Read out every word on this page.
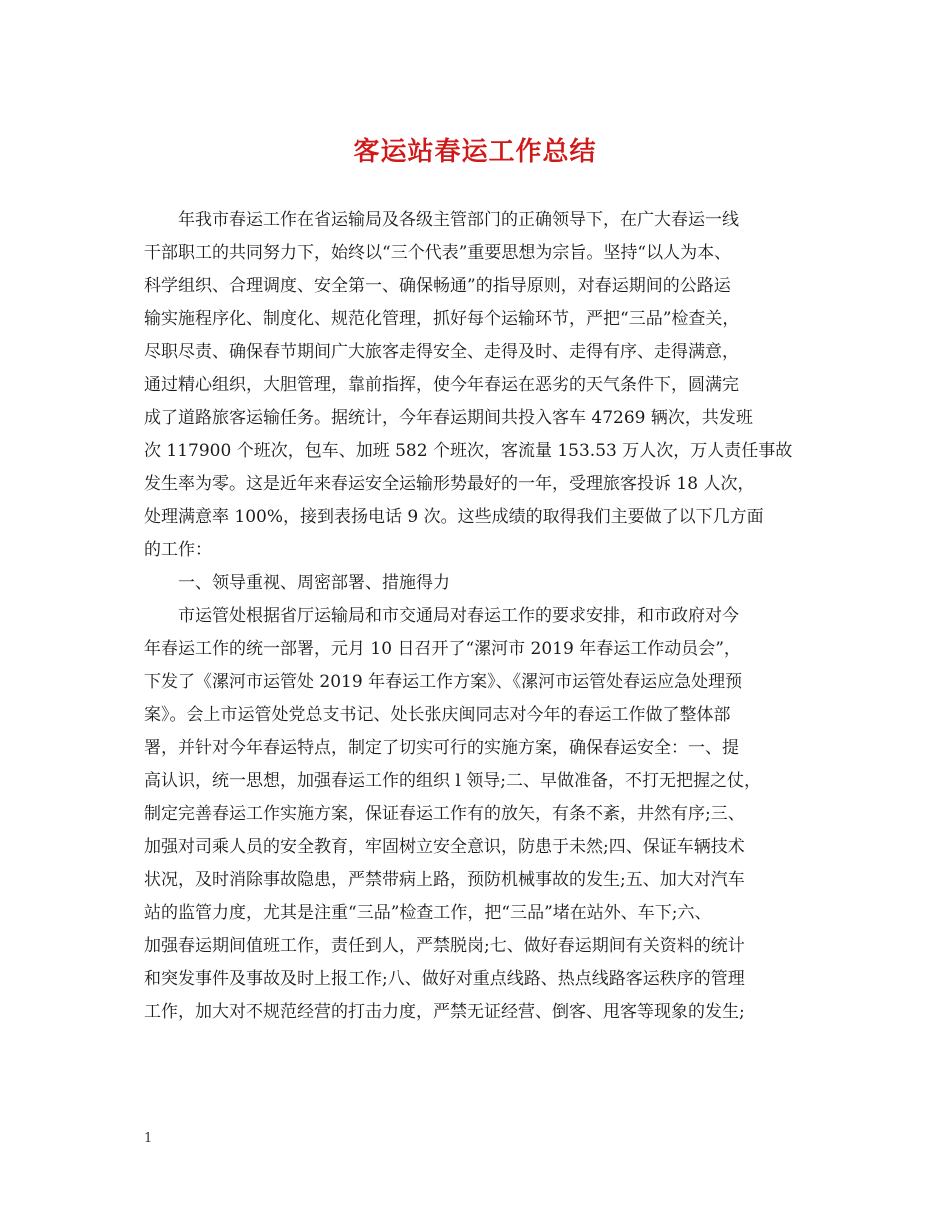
客运站春运工作总结
年我市春运工作在省运输局及各级主管部门的正确领导下，在广大春运一线
干部职工的共同努力下，始终以“三个代表”重要思想为宗旨。坚持“以人为本、
科学组织、合理调度、安全第一、确保畅通”的指导原则，对春运期间的公路运
输实施程序化、制度化、规范化管理，抓好每个运输环节，严把“三品”检查关，
尽职尽责、确保春节期间广大旅客走得安全、走得及时、走得有序、走得满意，
通过精心组织，大胆管理，靠前指挥，使今年春运在恶劣的天气条件下，圆满完
成了道路旅客运输任务。据统计，今年春运期间共投入客车 47269 辆次，共发班
次 117900 个班次，包车、加班 582 个班次，客流量 153.53 万人次，万人责任事故
发生率为零。这是近年来春运安全运输形势最好的一年，受理旅客投诉 18 人次，
处理满意率 100%，接到表扬电话 9 次。这些成绩的取得我们主要做了以下几方面
的工作：
一、领导重视、周密部署、措施得力
市运管处根据省厅运输局和市交通局对春运工作的要求安排，和市政府对今
年春运工作的统一部署，元月 10 日召开了“漯河市 2019 年春运工作动员会”，
下发了《漯河市运管处 2019 年春运工作方案》、《漯河市运管处春运应急处理预
案》。会上市运管处党总支书记、处长张庆闽同志对今年的春运工作做了整体部
署，并针对今年春运特点，制定了切实可行的实施方案，确保春运安全：一、提
高认识，统一思想，加强春运工作的组织 l 领导;二、早做准备，不打无把握之仗，
制定完善春运工作实施方案，保证春运工作有的放矢，有条不紊，井然有序;三、
加强对司乘人员的安全教育，牢固树立安全意识，防患于未然;四、保证车辆技术
状况，及时消除事故隐患，严禁带病上路，预防机械事故的发生;五、加大对汽车
站的监管力度，尤其是注重“三品”检查工作，把“三品”堵在站外、车下;六、
加强春运期间值班工作，责任到人，严禁脱岗;七、做好春运期间有关资料的统计
和突发事件及事故及时上报工作;八、做好对重点线路、热点线路客运秩序的管理
工作，加大对不规范经营的打击力度，严禁无证经营、倒客、甩客等现象的发生;
1
